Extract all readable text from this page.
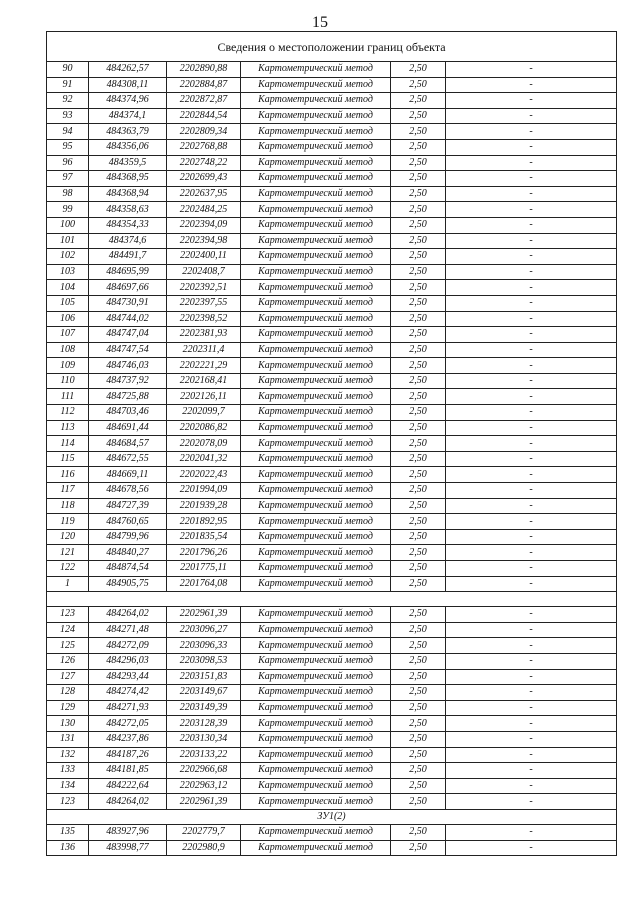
15
Сведения о местоположении границ объекта					
90	484262,57	2202890,88	Картометрический метод	2,50	-
91	484308,11	2202884,87	Картометрический метод	2,50	-
92	484374,96	2202872,87	Картометрический метод	2,50	-
93	484374,1	2202844,54	Картометрический метод	2,50	-
94	484363,79	2202809,34	Картометрический метод	2,50	-
95	484356,06	2202768,88	Картометрический метод	2,50	-
96	484359,5	2202748,22	Картометрический метод	2,50	-
97	484368,95	2202699,43	Картометрический метод	2,50	-
98	484368,94	2202637,95	Картометрический метод	2,50	-
99	484358,63	2202484,25	Картометрический метод	2,50	-
100	484354,33	2202394,09	Картометрический метод	2,50	-
101	484374,6	2202394,98	Картометрический метод	2,50	-
102	484491,7	2202400,11	Картометрический метод	2,50	-
103	484695,99	2202408,7	Картометрический метод	2,50	-
104	484697,66	2202392,51	Картометрический метод	2,50	-
105	484730,91	2202397,55	Картометрический метод	2,50	-
106	484744,02	2202398,52	Картометрический метод	2,50	-
107	484747,04	2202381,93	Картометрический метод	2,50	-
108	484747,54	2202311,4	Картометрический метод	2,50	-
109	484746,03	2202221,29	Картометрический метод	2,50	-
110	484737,92	2202168,41	Картометрический метод	2,50	-
111	484725,88	2202126,11	Картометрический метод	2,50	-
112	484703,46	2202099,7	Картометрический метод	2,50	-
113	484691,44	2202086,82	Картометрический метод	2,50	-
114	484684,57	2202078,09	Картометрический метод	2,50	-
115	484672,55	2202041,32	Картометрический метод	2,50	-
116	484669,11	2202022,43	Картометрический метод	2,50	-
117	484678,56	2201994,09	Картометрический метод	2,50	-
118	484727,39	2201939,28	Картометрический метод	2,50	-
119	484760,65	2201892,95	Картометрический метод	2,50	-
120	484799,96	2201835,54	Картометрический метод	2,50	-
121	484840,27	2201796,26	Картометрический метод	2,50	-
122	484874,54	2201775,11	Картометрический метод	2,50	-
1	484905,75	2201764,08	Картометрический метод	2,50	-

123	484264,02	2202961,39	Картометрический метод	2,50	-
124	484271,48	2203096,27	Картометрический метод	2,50	-
125	484272,09	2203096,33	Картометрический метод	2,50	-
126	484296,03	2203098,53	Картометрический метод	2,50	-
127	484293,44	2203151,83	Картометрический метод	2,50	-
128	484274,42	2203149,67	Картометрический метод	2,50	-
129	484271,93	2203149,39	Картометрический метод	2,50	-
130	484272,05	2203128,39	Картометрический метод	2,50	-
131	484237,86	2203130,34	Картометрический метод	2,50	-
132	484187,26	2203133,22	Картометрический метод	2,50	-
133	484181,85	2202966,68	Картометрический метод	2,50	-
134	484222,64	2202963,12	Картометрический метод	2,50	-
123	484264,02	2202961,39	Картометрический метод	2,50	-
ЗУ1(2)					
135	483927,96	2202779,7	Картометрический метод	2,50	-
136	483998,77	2202980,9	Картометрический метод	2,50	-
